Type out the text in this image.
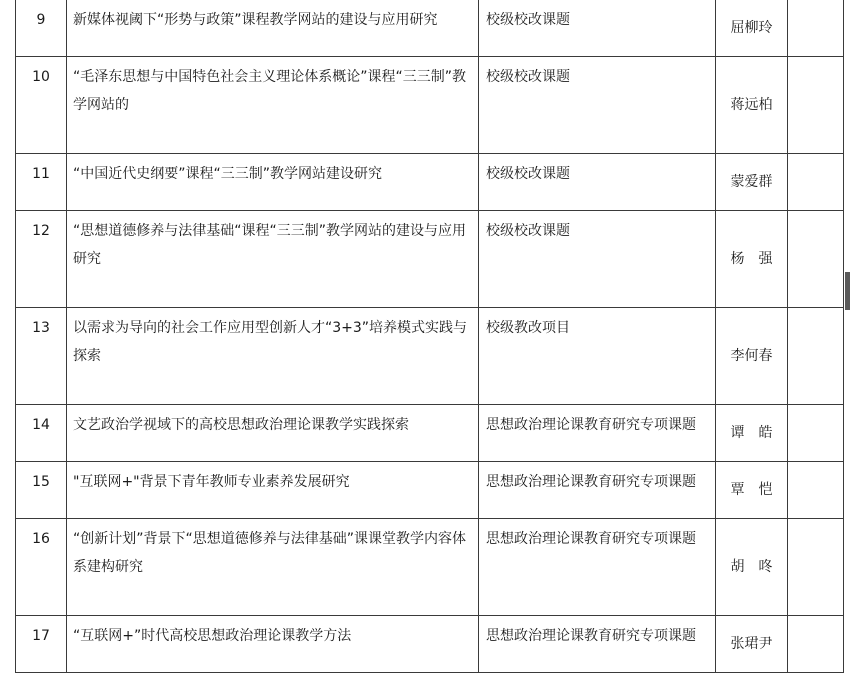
9	新媒体视阈下“形势与政策”课程教学网站的建设与应用研究	校级校改课题	屈柳玲	
10	“毛泽东思想与中国特色社会主义理论体系概论”课程“三三制”教学网站的	校级校改课题	蒋远柏	
11	“中国近代史纲要”课程“三三制”教学网站建设研究	校级校改课题	蒙爱群	
12	“思想道德修养与法律基础“课程“三三制”教学网站的建设与应用研究	校级校改课题	杨　强	
13	以需求为导向的社会工作应用型创新人才“3+3”培养模式实践与探索	校级教改项目	李何春	
14	文艺政治学视域下的高校思想政治理论课教学实践探索	思想政治理论课教育研究专项课题	谭　皓	
15	"互联网+"背景下青年教师专业素养发展研究	思想政治理论课教育研究专项课题	覃　恺	
16	“创新计划”背景下“思想道德修养与法律基础”课课堂教学内容体系建构研究	思想政治理论课教育研究专项课题	胡　咚	
17	“互联网+”时代高校思想政治理论课教学方法	思想政治理论课教育研究专项课题	张珺尹	
